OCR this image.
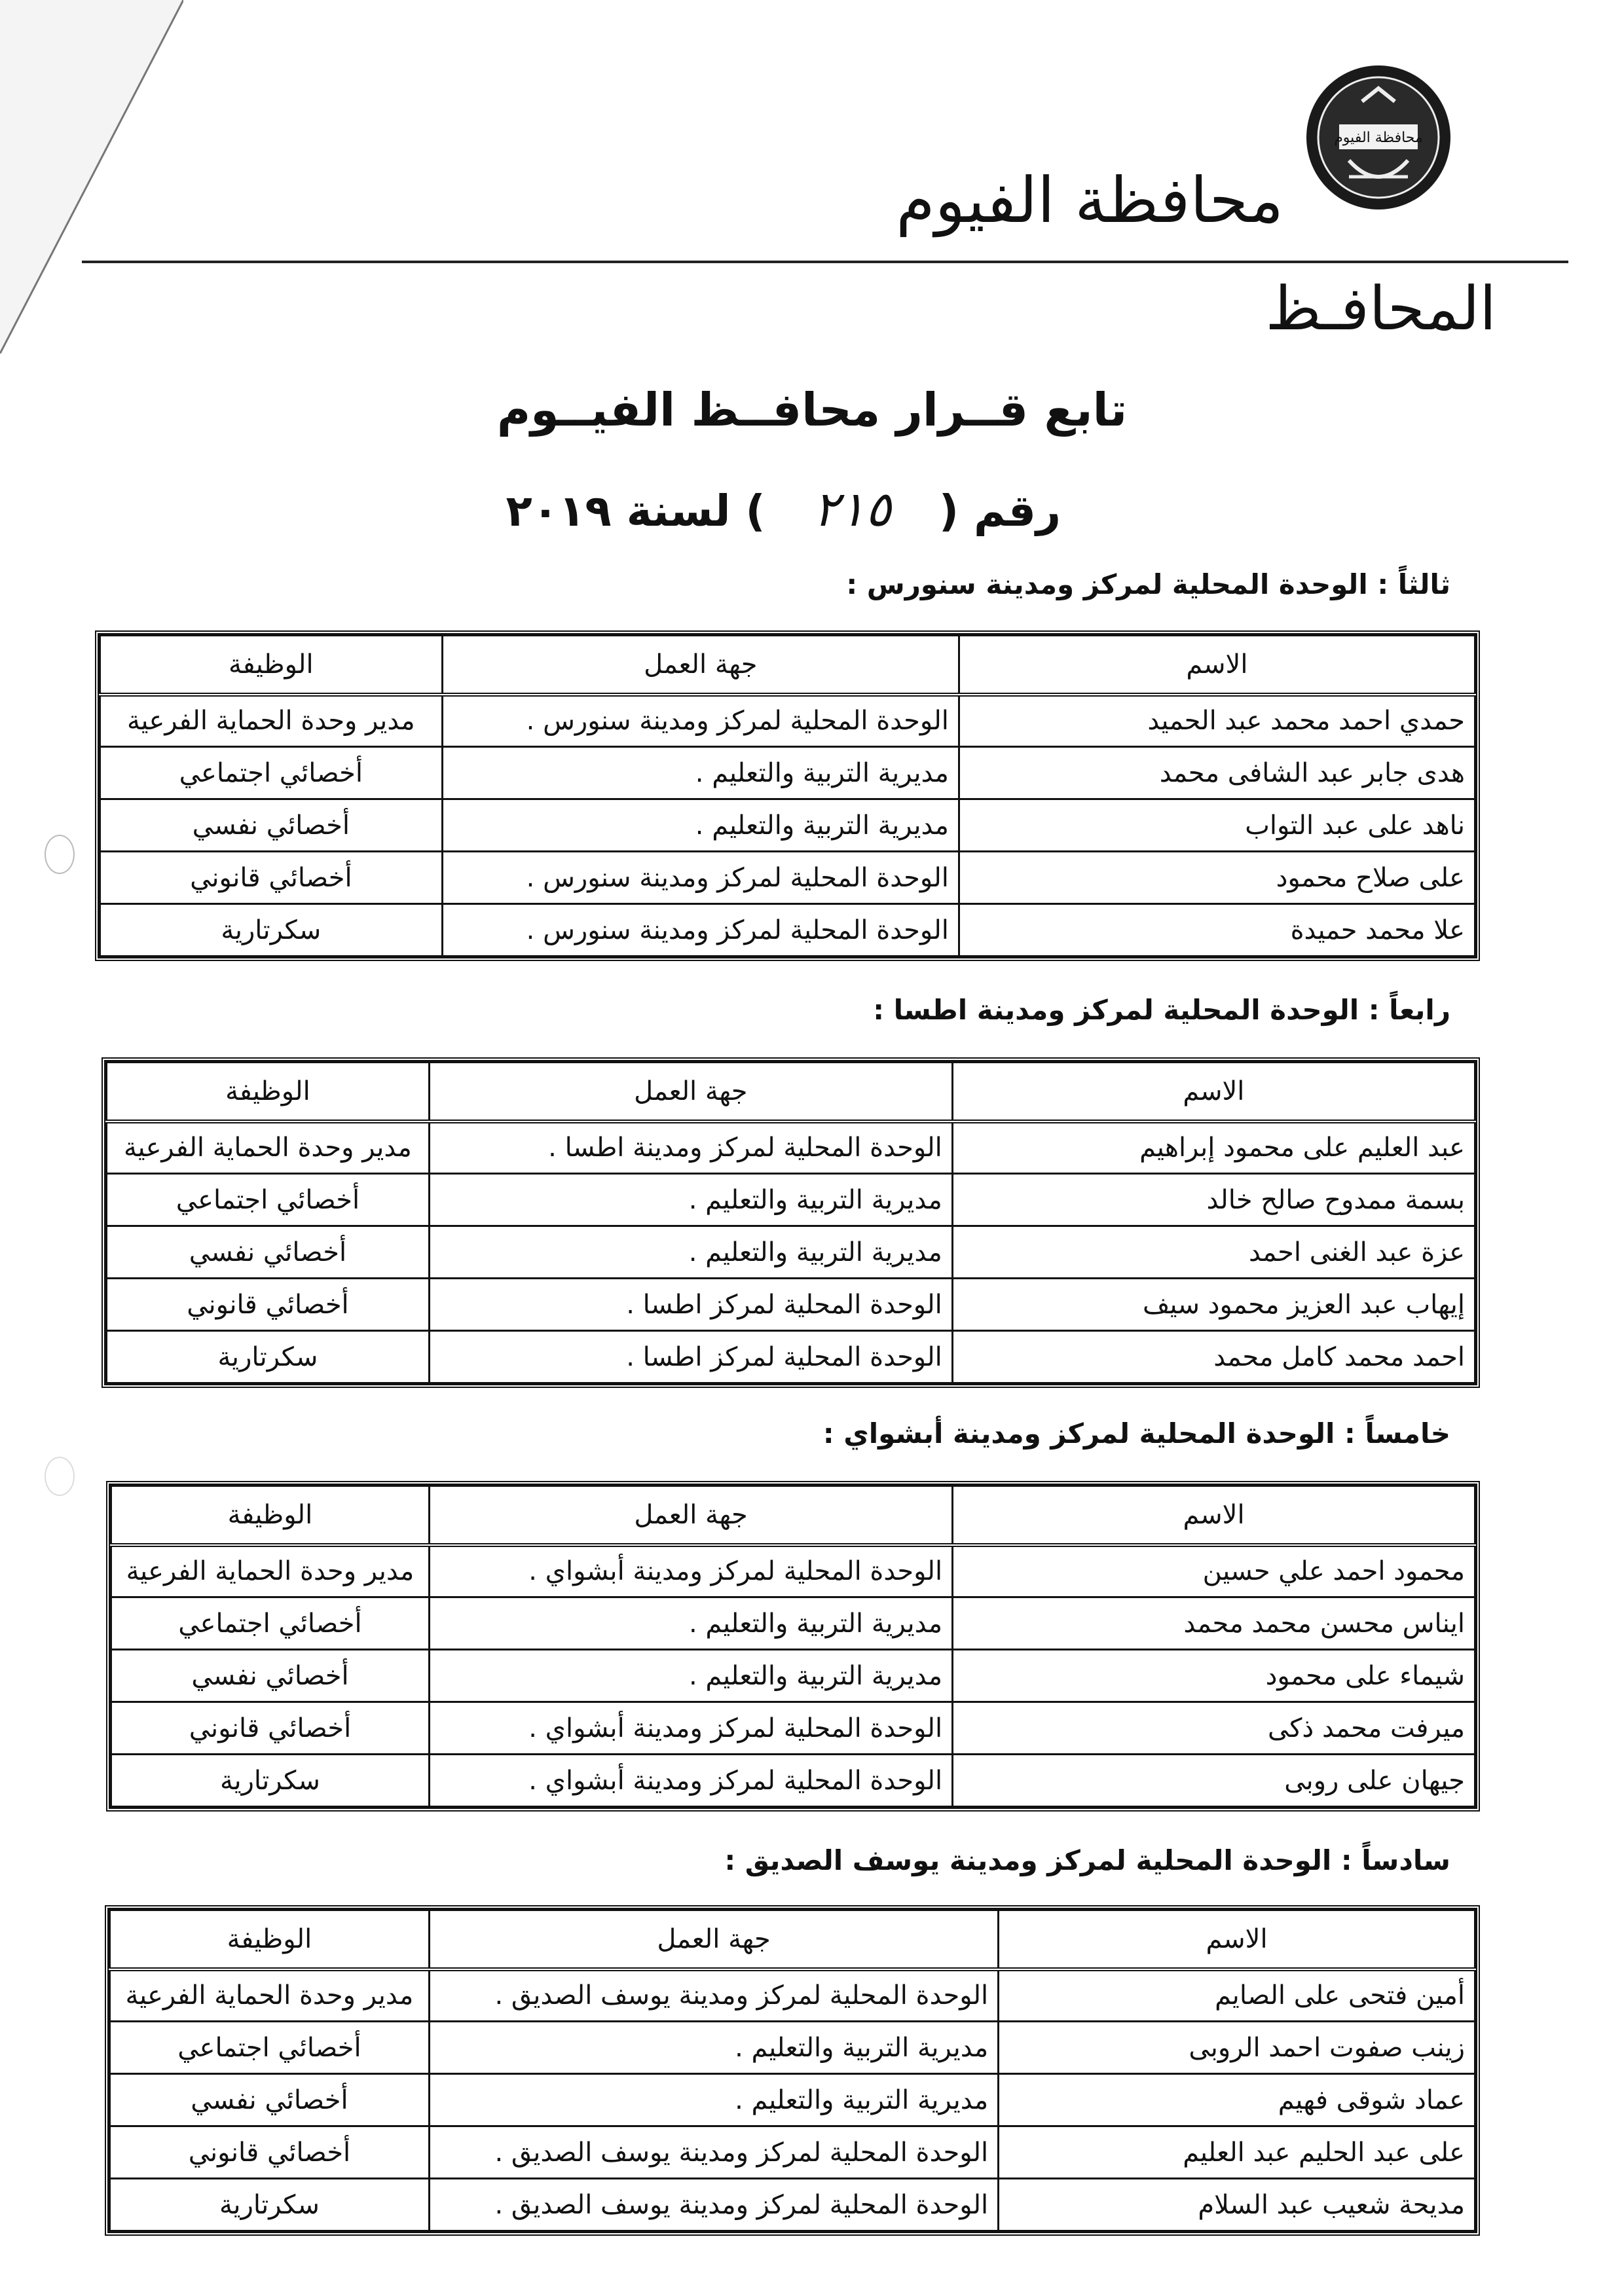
محافظة الفيوم
محافظة الفيوم
المحافـظ
تابع قــرار محافــظ الفيــوم
رقم ( ٢١٥ ) لسنة ٢٠١٩
ثالثاً : الوحدة المحلية لمركز ومدينة سنورس :
الاسم	جهة العمل	الوظيفة
حمدي احمد محمد عبد الحميد	الوحدة المحلية لمركز ومدينة سنورس .	مدير وحدة الحماية الفرعية
هدى جابر عبد الشافى محمد	مديرية التربية والتعليم .	أخصائي اجتماعي
ناهد على عبد التواب	مديرية التربية والتعليم .	أخصائي نفسي
على صلاح محمود	الوحدة المحلية لمركز ومدينة سنورس .	أخصائي قانوني
علا محمد حميدة	الوحدة المحلية لمركز ومدينة سنورس .	سكرتارية
رابعاً : الوحدة المحلية لمركز ومدينة اطسا :
الاسم	جهة العمل	الوظيفة
عبد العليم على محمود إبراهيم	الوحدة المحلية لمركز ومدينة اطسا .	مدير وحدة الحماية الفرعية
بسمة ممدوح صالح خالد	مديرية التربية والتعليم .	أخصائي اجتماعي
عزة عبد الغنى احمد	مديرية التربية والتعليم .	أخصائي نفسي
إيهاب عبد العزيز محمود سيف	الوحدة المحلية لمركز اطسا .	أخصائي قانوني
احمد محمد كامل محمد	الوحدة المحلية لمركز اطسا .	سكرتارية
خامساً : الوحدة المحلية لمركز ومدينة أبشواي :
الاسم	جهة العمل	الوظيفة
محمود احمد علي حسين	الوحدة المحلية لمركز ومدينة أبشواي .	مدير وحدة الحماية الفرعية
ايناس محسن محمد محمد	مديرية التربية والتعليم .	أخصائي اجتماعي
شيماء على محمود	مديرية التربية والتعليم .	أخصائي نفسي
ميرفت محمد ذكى	الوحدة المحلية لمركز ومدينة أبشواي .	أخصائي قانوني
جيهان على روبى	الوحدة المحلية لمركز ومدينة أبشواي .	سكرتارية
سادساً : الوحدة المحلية لمركز ومدينة يوسف الصديق :
الاسم	جهة العمل	الوظيفة
أمين فتحى على الصايم	الوحدة المحلية لمركز ومدينة يوسف الصديق .	مدير وحدة الحماية الفرعية
زينب صفوت احمد الروبى	مديرية التربية والتعليم .	أخصائي اجتماعي
عماد شوقى فهيم	مديرية التربية والتعليم .	أخصائي نفسي
على عبد الحليم عبد العليم	الوحدة المحلية لمركز ومدينة يوسف الصديق .	أخصائي قانوني
مديحة شعيب عبد السلام	الوحدة المحلية لمركز ومدينة يوسف الصديق .	سكرتارية
